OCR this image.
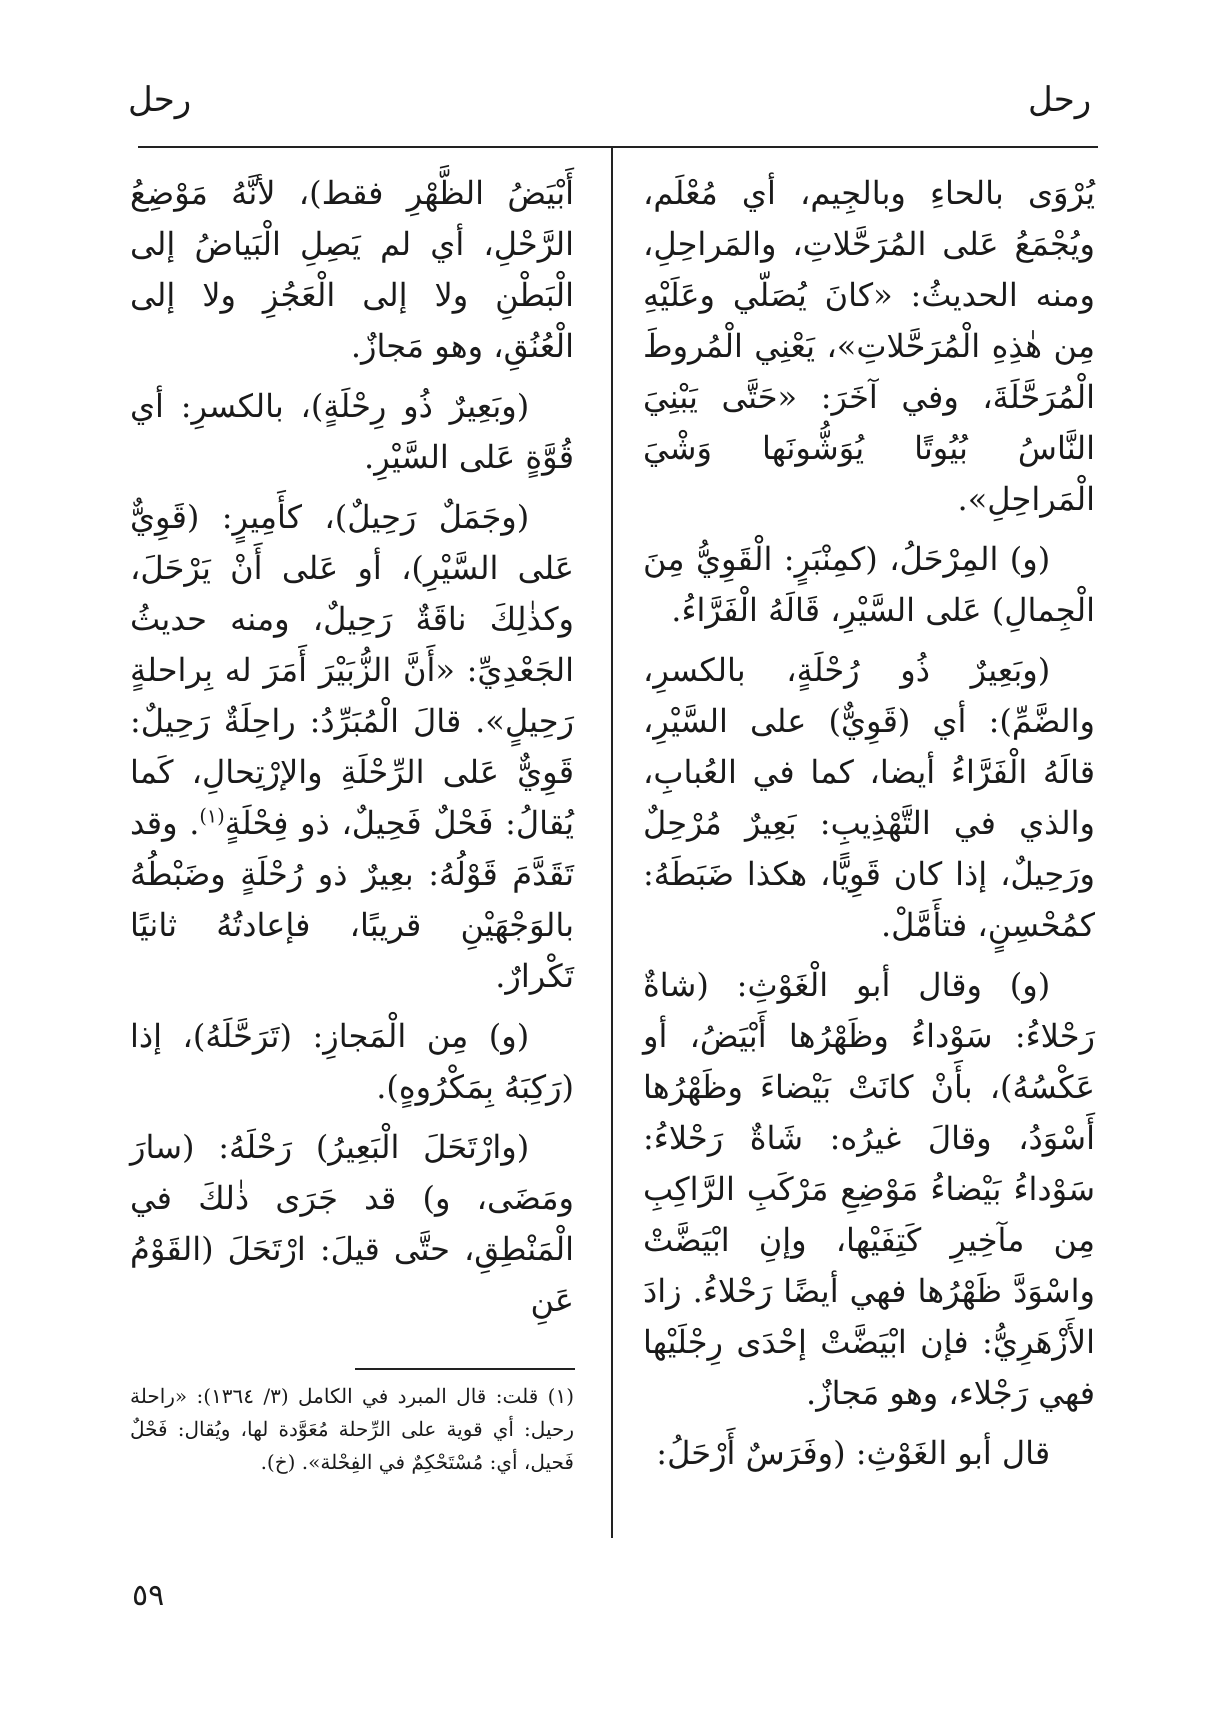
رحل	رحل

يُرْوَى بالحاءِ وبالجِيم، أي مُعْلَم، ويُجْمَعُ عَلى المُرَحَّلاتِ، والمَراحِلِ، ومنه الحديثُ: «كانَ يُصَلّي وعَلَيْهِ مِن هٰذِهِ الْمُرَحَّلاتِ»، يَعْنِي الْمُروطَ الْمُرَحَّلَةَ، وفي آخَرَ: «حَتَّى يَبْنِيَ النَّاسُ بُيُوتًا يُوَشُّونَها وَشْيَ الْمَراحِلِ».

(و) المِرْحَلُ، (كمِنْبَرٍ: الْقَوِيُّ مِنَ الْجِمالِ) عَلى السَّيْرِ، قَالَهُ الْفَرَّاءُ.

(وبَعِيرٌ ذُو رُحْلَةٍ، بالكسرِ، والضَّمِّ): أي (قَوِيٌّ) على السَّيْرِ، قالَهُ الْفَرَّاءُ أيضا، كما في العُبابِ، والذي في التَّهْذِيبِ: بَعِيرٌ مُرْحِلٌ ورَحِيلٌ، إذا كان قَوِيًّا، هكذا ضَبَطَهُ: كمُحْسِنٍ، فتأَمَّلْ.

(و) وقال أبو الْغَوْثِ: (شاةٌ رَحْلاءُ: سَوْداءُ وظَهْرُها أَبْيَضُ، أو عَكْسُهُ)، بأَنْ كانَتْ بَيْضاءَ وظَهْرُها أَسْوَدُ، وقالَ غيرُه: شَاةٌ رَحْلاءُ: سَوْداءُ بَيْضاءُ مَوْضِعِ مَرْكَبِ الرَّاكِبِ مِن مآخِيرِ كَتِفَيْها، وإنِ ابْيَضَّتْ واسْوَدَّ ظَهْرُها فهي أيضًا رَحْلاءُ. زادَ الأَزْهَرِيُّ: فإن ابْيَضَّتْ إحْدَى رِجْلَيْها فهي رَجْلاء، وهو مَجازٌ.

قال أبو الغَوْثِ: (وفَرَسٌ أَرْحَلُ:

أَبْيَضُ الظَّهْرِ فقط)، لأنَّهُ مَوْضِعُ الرَّحْلِ، أي لم يَصِلِ الْبَياضُ إلى الْبَطْنِ ولا إلى الْعَجُزِ ولا إلى الْعُنُقِ، وهو مَجازٌ.

(وبَعِيرٌ ذُو رِحْلَةٍ)، بالكسرِ: أي قُوَّةٍ عَلى السَّيْرِ.

(وجَمَلٌ رَحِيلٌ)، كأَمِيرٍ: (قَوِيٌّ عَلى السَّيْرِ)، أو عَلى أَنْ يَرْحَلَ، وكذٰلِكَ ناقَةٌ رَحِيلٌ، ومنه حديثُ الجَعْدِيِّ: «أَنَّ الزُّبَيْرَ أَمَرَ له بِراحلةٍ رَحِيلٍ». قالَ الْمُبَرِّدُ: راحِلَةٌ رَحِيلٌ: قَوِيٌّ عَلى الرِّحْلَةِ والإرْتِحالِ، كَما يُقالُ: فَحْلٌ فَحِيلٌ، ذو فِحْلَةٍ$^{(١)}$. وقد تَقَدَّمَ قَوْلُهُ: بعِيرٌ ذو رُحْلَةٍ وضَبْطُهُ بالوَجْهَيْنِ قريبًا، فإعادتُهُ ثانيًا تَكْرارٌ.

(و) مِن الْمَجازِ: (تَرَحَّلَهُ)، إذا (رَكِبَهُ بِمَكْرُوهٍ).

(وارْتَحَلَ الْبَعِيرُ) رَحْلَهُ: (سارَ ومَضَى، و) قد جَرَى ذٰلكَ في الْمَنْطِقِ، حتَّى قيلَ: ارْتَحَلَ (القَوْمُ عَنِ

(١) قلت: قال المبرد في الكامل (٣/ ١٣٦٤): «راحلة رحيل: أي قوية على الرِّحلة مُعَوَّدة لها، ويُقال: فَحْلٌ فَحيل، أي: مُسْتَحْكِمٌ في الفِحْلة». (خ).

٥٩
